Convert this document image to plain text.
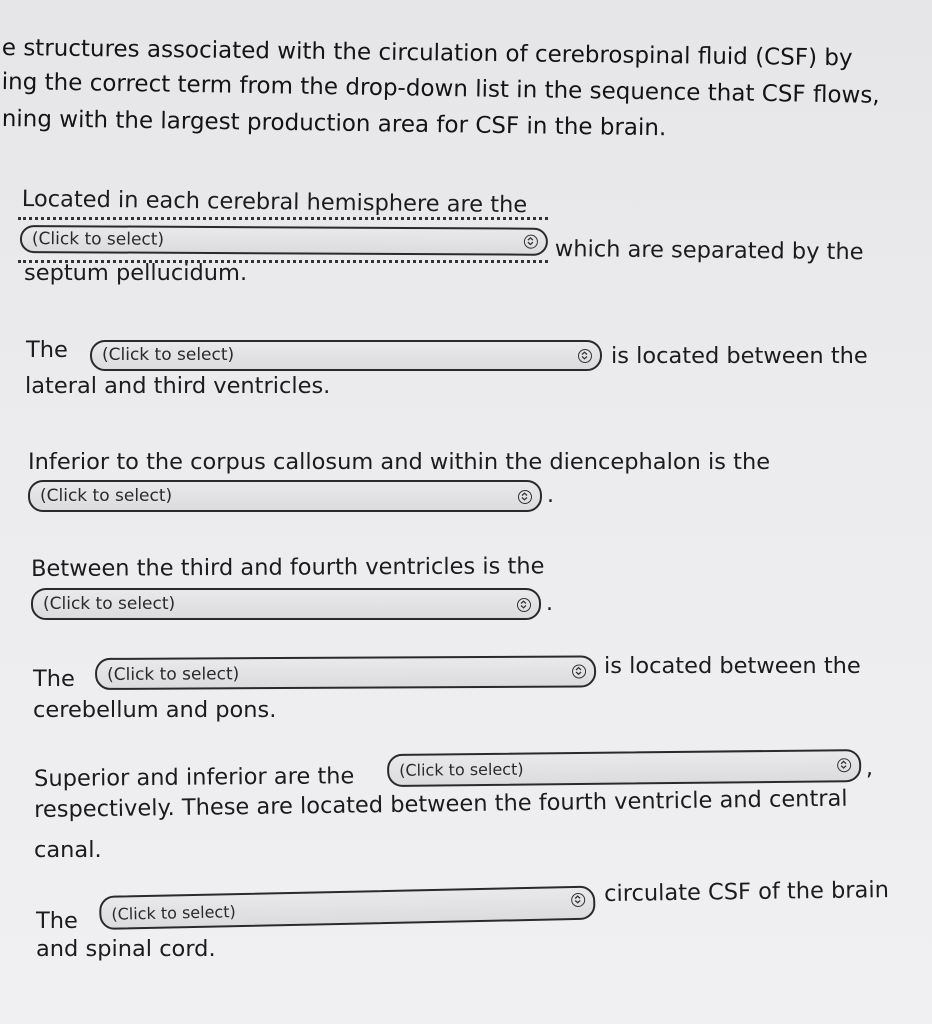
e structures associated with the circulation of cerebrospinal fluid (CSF) by
ing the correct term from the drop-down list in the sequence that CSF flows,
ning with the largest production area for CSF in the brain.
Located in each cerebral hemisphere are the
(Click to select)	which are separated by the
septum pellucidum.
The (Click to select)	is located between the
lateral and third ventricles.
Inferior to the corpus callosum and within the diencephalon is the
(Click to select)	.
Between the third and fourth ventricles is the
(Click to select)	.
The (Click to select)	is located between the
cerebellum and pons.
Superior and inferior are the	(Click to select)	,
respectively. These are located between the fourth ventricle and central
canal.
The (Click to select)
circulate CSF of the brain
and spinal cord.
